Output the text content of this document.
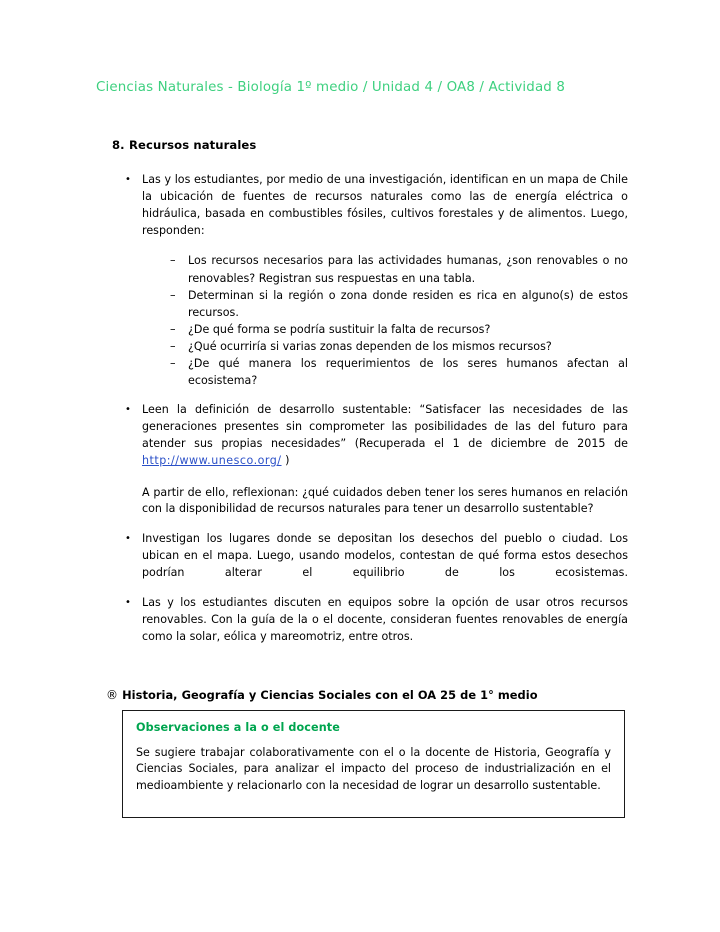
Ciencias Naturales - Biología 1º medio / Unidad 4 / OA8 / Actividad 8
8. Recursos naturales
• Las y los estudiantes, por medio de una investigación, identifican en un mapa de Chile la ubicación de fuentes de recursos naturales como las de energía eléctrica o hidráulica, basada en combustibles fósiles, cultivos forestales y de alimentos. Luego, responden:
– Los recursos necesarios para las actividades humanas, ¿son renovables o no renovables? Registran sus respuestas en una tabla.
– Determinan si la región o zona donde residen es rica en alguno(s) de estos recursos.
– ¿De qué forma se podría sustituir la falta de recursos?
– ¿Qué ocurriría si varias zonas dependen de los mismos recursos?
– ¿De qué manera los requerimientos de los seres humanos afectan al ecosistema?
• Leen la definición de desarrollo sustentable: “Satisfacer las necesidades de las generaciones presentes sin comprometer las posibilidades de las del futuro para atender sus propias necesidades” (Recuperada el 1 de diciembre de 2015 de http://www.unesco.org/ )
A partir de ello, reflexionan: ¿qué cuidados deben tener los seres humanos en relación con la disponibilidad de recursos naturales para tener un desarrollo sustentable?
• Investigan los lugares donde se depositan los desechos del pueblo o ciudad. Los ubican en el mapa. Luego, usando modelos, contestan de qué forma estos desechos podrían alterar el equilibrio de los ecosistemas.
• Las y los estudiantes discuten en equipos sobre la opción de usar otros recursos renovables. Con la guía de la o el docente, consideran fuentes renovables de energía como la solar, eólica y mareomotriz, entre otros.
® Historia, Geografía y Ciencias Sociales con el OA 25 de 1° medio
Observaciones a la o el docente
Se sugiere trabajar colaborativamente con el o la docente de Historia, Geografía y Ciencias Sociales, para analizar el impacto del proceso de industrialización en el medioambiente y relacionarlo con la necesidad de lograr un desarrollo sustentable.
